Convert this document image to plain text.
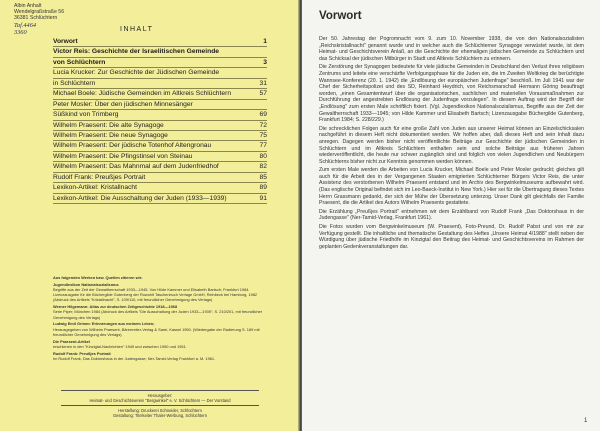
Albin Anhalt
Wendelgraßstraße 56
36381 Schlüchtern
Taf.4464
3360	INHALT
Vorwort	1
Victor Reis: Geschichte der Israelitischen Gemeinde
von Schlüchtern	3
Lucia Krucker: Zur Geschichte der Jüdischen Gemeinde
in Schlüchtern	31
Michael Boele: Jüdische Gemeinden im Altkreis Schlüchtern	57
Peter Mosler: Über den jüdischen Minnesänger
Süßkind von Trimberg	69
Wilhelm Praesent: Die alte Synagoge	72
Wilhelm Praesent: Die neue Synagoge	75
Wilhelm Praesent: Der jüdische Totenhof Altengronau	77
Wilhelm Praesent: Die Pfingstinsel von Steinau	80
Wilhelm Praesent: Das Mahnmal auf dem Judenfriedhof	82
Rudolf Frank: Preußjes Portrait	85
Lexikon-Artikel: Kristallnacht	89
Lexikon-Artikel: Die Ausschaltung der Juden (1933—1939)	91

Aus folgenden Werken bzw. Quellen zitieren wir:

Jugendlexikon Nationalsozialismus
Begriffe aus der Zeit der Gewaltherrschaft 1933—1945. Von Hilde Kammer und Elisabeth Bartsch; Frankfurt 1984. Lizenzausgabe für die Büchergilde Gutenberg der Rowohlt Taschenbuch Verlage GmbH, Reinbeck bei Hamburg, 1982 (Abdruck des Artikels "Kristallnacht", S. 109/110, mit freundlicher Genehmigung des Verlags)

Werner Hilgemann: Atlas zur deutschen Zeitgeschichte 1918—1968
Serie Piper; München 1984 (Abdruck des Artikels "Die Ausschaltung der Juden 1933—1939", S. 210/201, mit freundlicher Genehmigung des Verlags)

Ludwig Emil Grimm: Erinnerungen aus meinem Leben;
Herausgegeben von Wilhelm Praesent, Bärenreiter-Verlag & Sarei, Kassel 1950. (Wiedergabe der Radierung S. 189 mit freundlicher Genehmigung des Verlags)

Die Praesent-Artikel
erschienen in den "Kinzigtal-Nachrichten" 1949 und zwischen 1950 und 1951.

Rudolf Frank: Preußjes Portrait
Im Rudolf Frank, Das Doktorshaus in der Judengasse; Ner-Tamid-Verlag Frankfurt a. M. 1961.

Herausgeber:
Heimat- und Geschichtsverein "Bergwinkel" e. V. Schlüchtern — Der Vorstand
Herstellung: Druckerei Schneider, Schlüchtern
Gestaltung: Titelseiter Thaler-Werbung, Schlüchtern
Vorwort

Der 50. Jahrestag der Pogromnacht vom 9. zum 10. November 1938, die von den Nationalsozialisten „Reichskristallnacht" genannt wurde und in welcher auch die Schlüchterner Synagoge verwüstet wurde, ist dem Heimat- und Geschichtsverein Anlaß, an die Geschichte der ehemaligen jüdischen Gemeinde zu Schlüchtern und das Schicksal der jüdischen Mitbürger in Stadt und Altkreis Schlüchtern zu erinnern.

Die Zerstörung der Synagogen bedeutete für viele jüdische Gemeinden in Deutschland den Verlust ihres religiösen Zentrums und leitete eine verschärfte Verfolgungsphase für die Juden ein, die im Zweiten Weltkrieg die berüchtigte Wannsee-Konferenz (20. 1. 1942) die „Endlösung der europäischen Judenfrage" beschloß. Im Juli 1941 war der Chef der Sicherheitspolizei und des SD, Reinhard Heydrich, von Reichsmarschall Hermann Göring beauftragt worden, „einen Gesamtentwurf über die organisatorischen, sachlichen und materiellen Vorausmaßnahmen zur Durchführung der angestrebten Endlösung der Judenfrage vorzulegen". In diesem Auftrag wird der Begriff der „Endlösung" zum ersten Male schriftlich fixiert. (Vgl. Jugendlexikon Nationalsozialismus, Begriffe aus der Zeit der Gewaltherrschaft 1933—1945; von Hilde Kammer und Elisabeth Bartsch; Lizenzausgabe Büchergilde Gutenberg, Frankfurt 1984; S. 228/229.)

Die schrecklichen Folgen auch für eine große Zahl von Juden aus unserer Heimat können an Einzelschicksalen nachgeführt in diesem Heft nicht dokumentiert werden. Wir hoffen aber, daß dieses Heft und sein Inhalt dazu anregen. Dagegen werden bisher nicht veröffentlichte Beiträge zur Geschichte der jüdischen Gemeinden in Schlüchtern und im Altkreis Schlüchtern enthalten sein und solche Beiträge aus früheren Jahren wiederveröffentlicht, die heute nur schwer zugänglich sind und folglich von vielen Jugendlichen und Neubürgern Schlüchterns bisher nicht zur Kenntnis genommen werden können.

Zum ersten Male werden die Arbeiten von Lucia Krucker, Michael Boele und Peter Mosler gedruckt; gleiches gilt auch für die Arbeit des in der Vergangenen Staaten emigrierten Schlüchterner Bürgers Victor Reis, die unter Assistenz des verstorbenen Wilhelm Praesent entstand und im Archiv des Bergwinkelmuseums aufbewahrt wird. (Das englische Original befindet sich im Leo-Baeck-Institut in New York.) Hier sei für die Übertragung dieses Textes Herrn Grassmann gedankt, der sich der Mühe der Übersetzung unterzog. Unser Dank gilt gleichfalls der Familie Praesent, die die Artikel des Autors Wilhelm Praesents gestattete.

Die Erzählung „Preußjes Portrait" entnehmen wir dem Erzählband von Rudolf Frank „Das Doktorshaus in der Judengasse" (Ner-Tamid-Verlag, Frankfurt 1961).

Die Fotos wurden vom Bergwinkelmuseum (W. Praesent), Foto-Preund, Dr. Rudolf Pabst und von mir zur Verfügung gestellt. Die inhaltliche und thematische Gestaltung des Heftes „Unsere Heimat 4/1988" stellt neben der Würdigung über jüdische Friedhöfe im Kinzigtal den Beitrag des Heimat- und Geschichtsvereins im Rahmen der geplanten Gedenkveranstaltungen dar.

1
